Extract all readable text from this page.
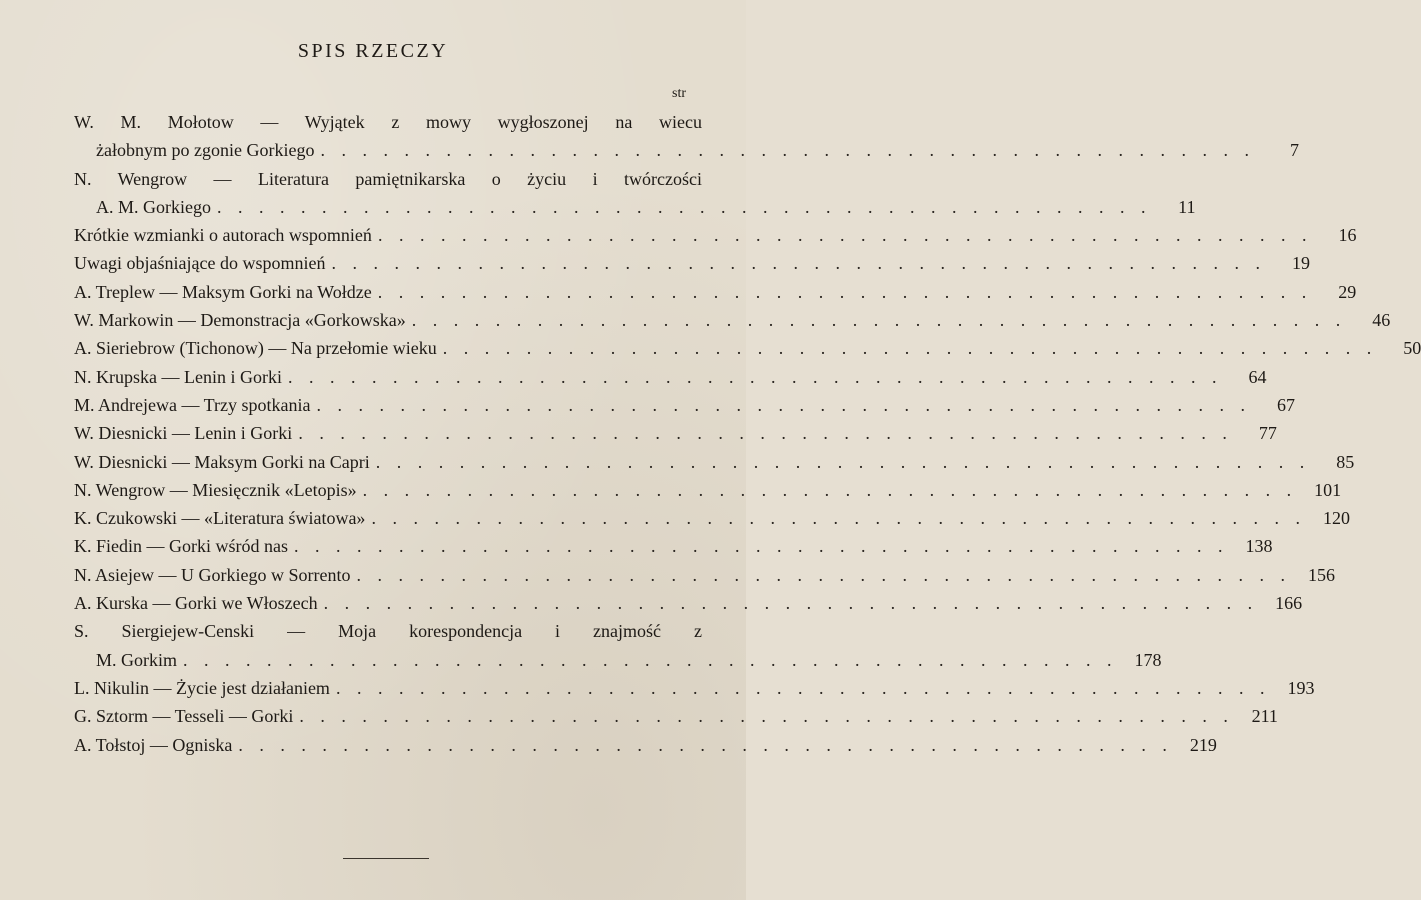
SPIS RZECZY
str
W. M. Mołotow — Wyjątek z mowy wygłoszonej na wiecu
żałobnym po zgonie Gorkiego . . . . . . . . . . . . . . . . . . . . . . . . . . . . . . . . . . . . . . . . . . . . .	7
N. Wengrow — Literatura pamiętnikarska o życiu i twórczości
A. M. Gorkiego . . . . . . . . . . . . . . . . . . . . . . . . . . . . . . . . . . . . . . . . . . . . .	11
Krótkie wzmianki o autorach wspomnień . . . . . . . . . . . . . . . . . . . . . . . . . . . . . . . . . . . . . . . . . . . . .	16
Uwagi objaśniające do wspomnień . . . . . . . . . . . . . . . . . . . . . . . . . . . . . . . . . . . . . . . . . . . . .	19
A. Treplew — Maksym Gorki na Wołdze . . . . . . . . . . . . . . . . . . . . . . . . . . . . . . . . . . . . . . . . . . . . .	29
W. Markowin — Demonstracja «Gorkowska» . . . . . . . . . . . . . . . . . . . . . . . . . . . . . . . . . . . . . . . . . . . . .	46
A. Sieriebrow (Tichonow) — Na przełomie wieku . . . . . . . . . . . . . . . . . . . . . . . . . . . . . . . . . . . . . . . . . . . . .	50
N. Krupska — Lenin i Gorki . . . . . . . . . . . . . . . . . . . . . . . . . . . . . . . . . . . . . . . . . . . . .	64
M. Andrejewa — Trzy spotkania . . . . . . . . . . . . . . . . . . . . . . . . . . . . . . . . . . . . . . . . . . . . .	67
W. Diesnicki — Lenin i Gorki . . . . . . . . . . . . . . . . . . . . . . . . . . . . . . . . . . . . . . . . . . . . .	77
W. Diesnicki — Maksym Gorki na Capri . . . . . . . . . . . . . . . . . . . . . . . . . . . . . . . . . . . . . . . . . . . . .	85
N. Wengrow — Miesięcznik «Letopis» . . . . . . . . . . . . . . . . . . . . . . . . . . . . . . . . . . . . . . . . . . . . . 101
K. Czukowski — «Literatura światowa» . . . . . . . . . . . . . . . . . . . . . . . . . . . . . . . . . . . . . . . . . . . . . 120
K. Fiedin — Gorki wśród nas . . . . . . . . . . . . . . . . . . . . . . . . . . . . . . . . . . . . . . . . . . . . . 138
N. Asiejew — U Gorkiego w Sorrento . . . . . . . . . . . . . . . . . . . . . . . . . . . . . . . . . . . . . . . . . . . . . 156
A. Kurska — Gorki we Włoszech . . . . . . . . . . . . . . . . . . . . . . . . . . . . . . . . . . . . . . . . . . . . . 166
S. Siergiejew-Censki — Moja korespondencja i znajmość z
M. Gorkim . . . . . . . . . . . . . . . . . . . . . . . . . . . . . . . . . . . . . . . . . . . . . 178
L. Nikulin — Życie jest działaniem . . . . . . . . . . . . . . . . . . . . . . . . . . . . . . . . . . . . . . . . . . . . . 193
G. Sztorm — Tesseli — Gorki . . . . . . . . . . . . . . . . . . . . . . . . . . . . . . . . . . . . . . . . . . . . . 211
A. Tołstoj — Ogniska . . . . . . . . . . . . . . . . . . . . . . . . . . . . . . . . . . . . . . . . . . . . . 219
